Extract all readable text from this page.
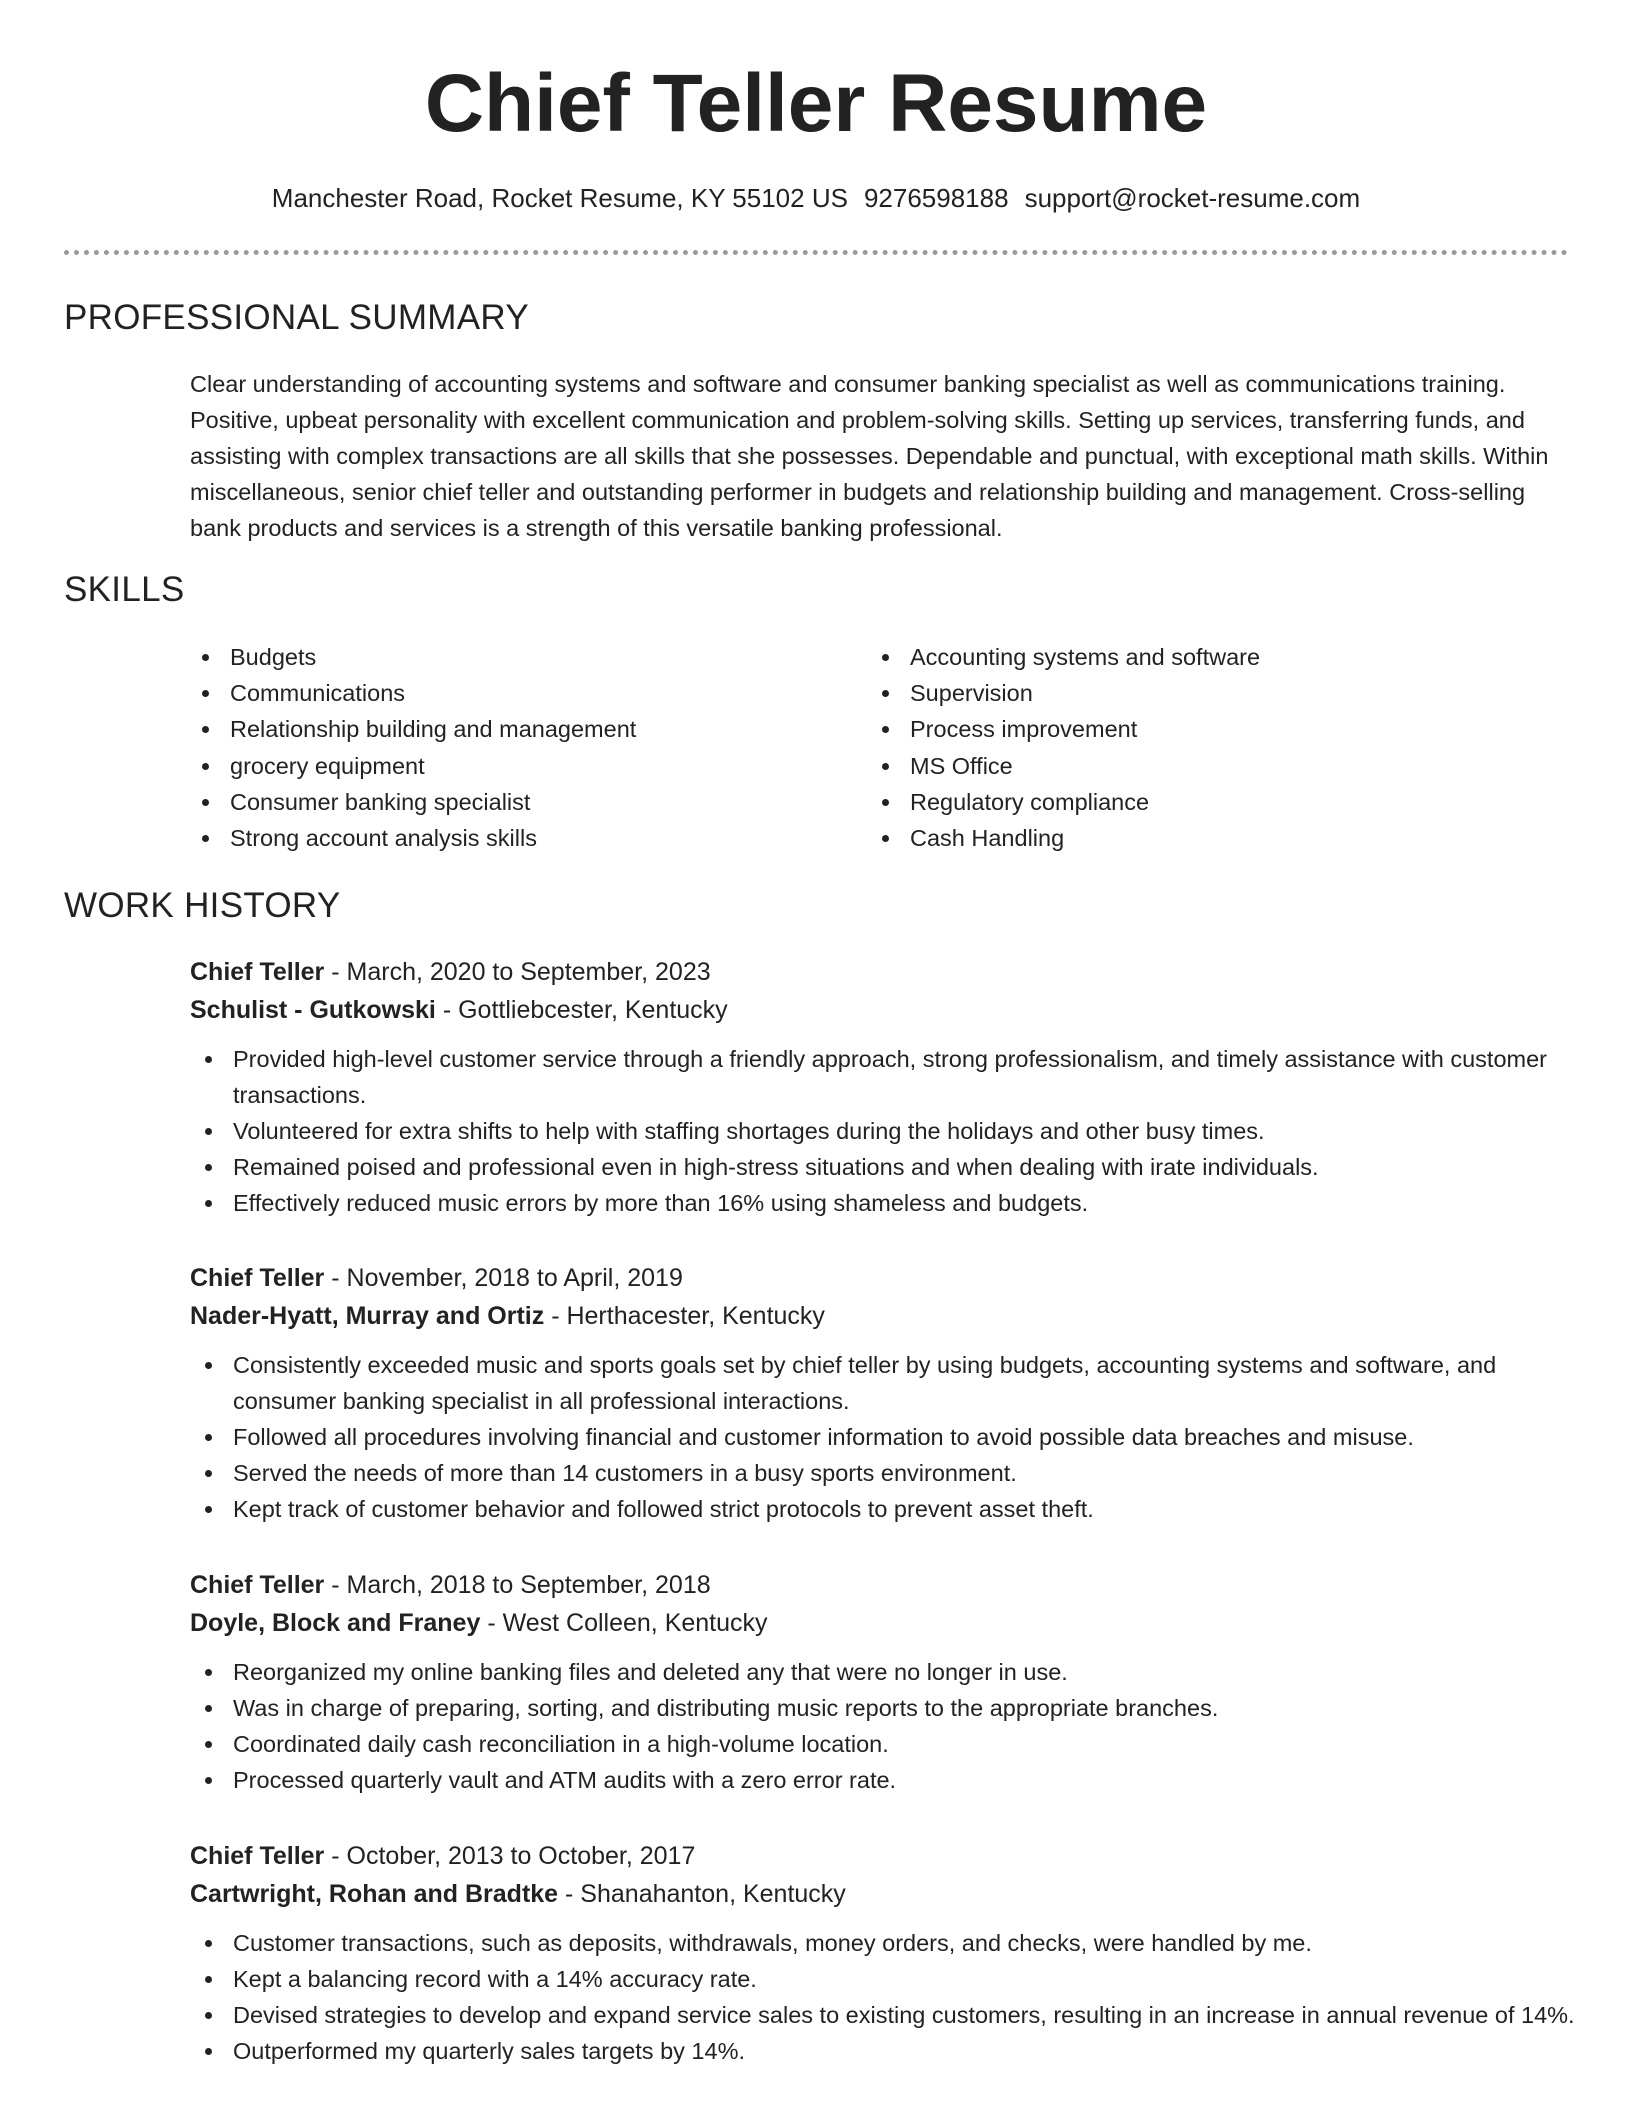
Chief Teller Resume
Manchester Road, Rocket Resume, KY 55102 US 9276598188 support@rocket-resume.com
PROFESSIONAL SUMMARY

Clear understanding of accounting systems and software and consumer banking specialist as well as communications training. Positive, upbeat personality with excellent communication and problem-solving skills. Setting up services, transferring funds, and assisting with complex transactions are all skills that she possesses. Dependable and punctual, with exceptional math skills. Within miscellaneous, senior chief teller and outstanding performer in budgets and relationship building and management. Cross-selling bank products and services is a strength of this versatile banking professional.

SKILLS
Budgets
Communications
Relationship building and management
grocery equipment
Consumer banking specialist
Strong account analysis skills
Accounting systems and software
Supervision
Process improvement
MS Office
Regulatory compliance
Cash Handling
WORK HISTORY
Chief Teller - March, 2020 to September, 2023
Schulist - Gutkowski - Gottliebcester, Kentucky
Provided high-level customer service through a friendly approach, strong professionalism, and timely assistance with customer transactions.
Volunteered for extra shifts to help with staffing shortages during the holidays and other busy times.
Remained poised and professional even in high-stress situations and when dealing with irate individuals.
Effectively reduced music errors by more than 16% using shameless and budgets.
Chief Teller - November, 2018 to April, 2019
Nader-Hyatt, Murray and Ortiz - Herthacester, Kentucky
Consistently exceeded music and sports goals set by chief teller by using budgets, accounting systems and software, and consumer banking specialist in all professional interactions.
Followed all procedures involving financial and customer information to avoid possible data breaches and misuse.
Served the needs of more than 14 customers in a busy sports environment.
Kept track of customer behavior and followed strict protocols to prevent asset theft.
Chief Teller - March, 2018 to September, 2018
Doyle, Block and Franey - West Colleen, Kentucky
Reorganized my online banking files and deleted any that were no longer in use.
Was in charge of preparing, sorting, and distributing music reports to the appropriate branches.
Coordinated daily cash reconciliation in a high-volume location.
Processed quarterly vault and ATM audits with a zero error rate.
Chief Teller - October, 2013 to October, 2017
Cartwright, Rohan and Bradtke - Shanahanton, Kentucky
Customer transactions, such as deposits, withdrawals, money orders, and checks, were handled by me.
Kept a balancing record with a 14% accuracy rate.
Devised strategies to develop and expand service sales to existing customers, resulting in an increase in annual revenue of 14%.
Outperformed my quarterly sales targets by 14%.
